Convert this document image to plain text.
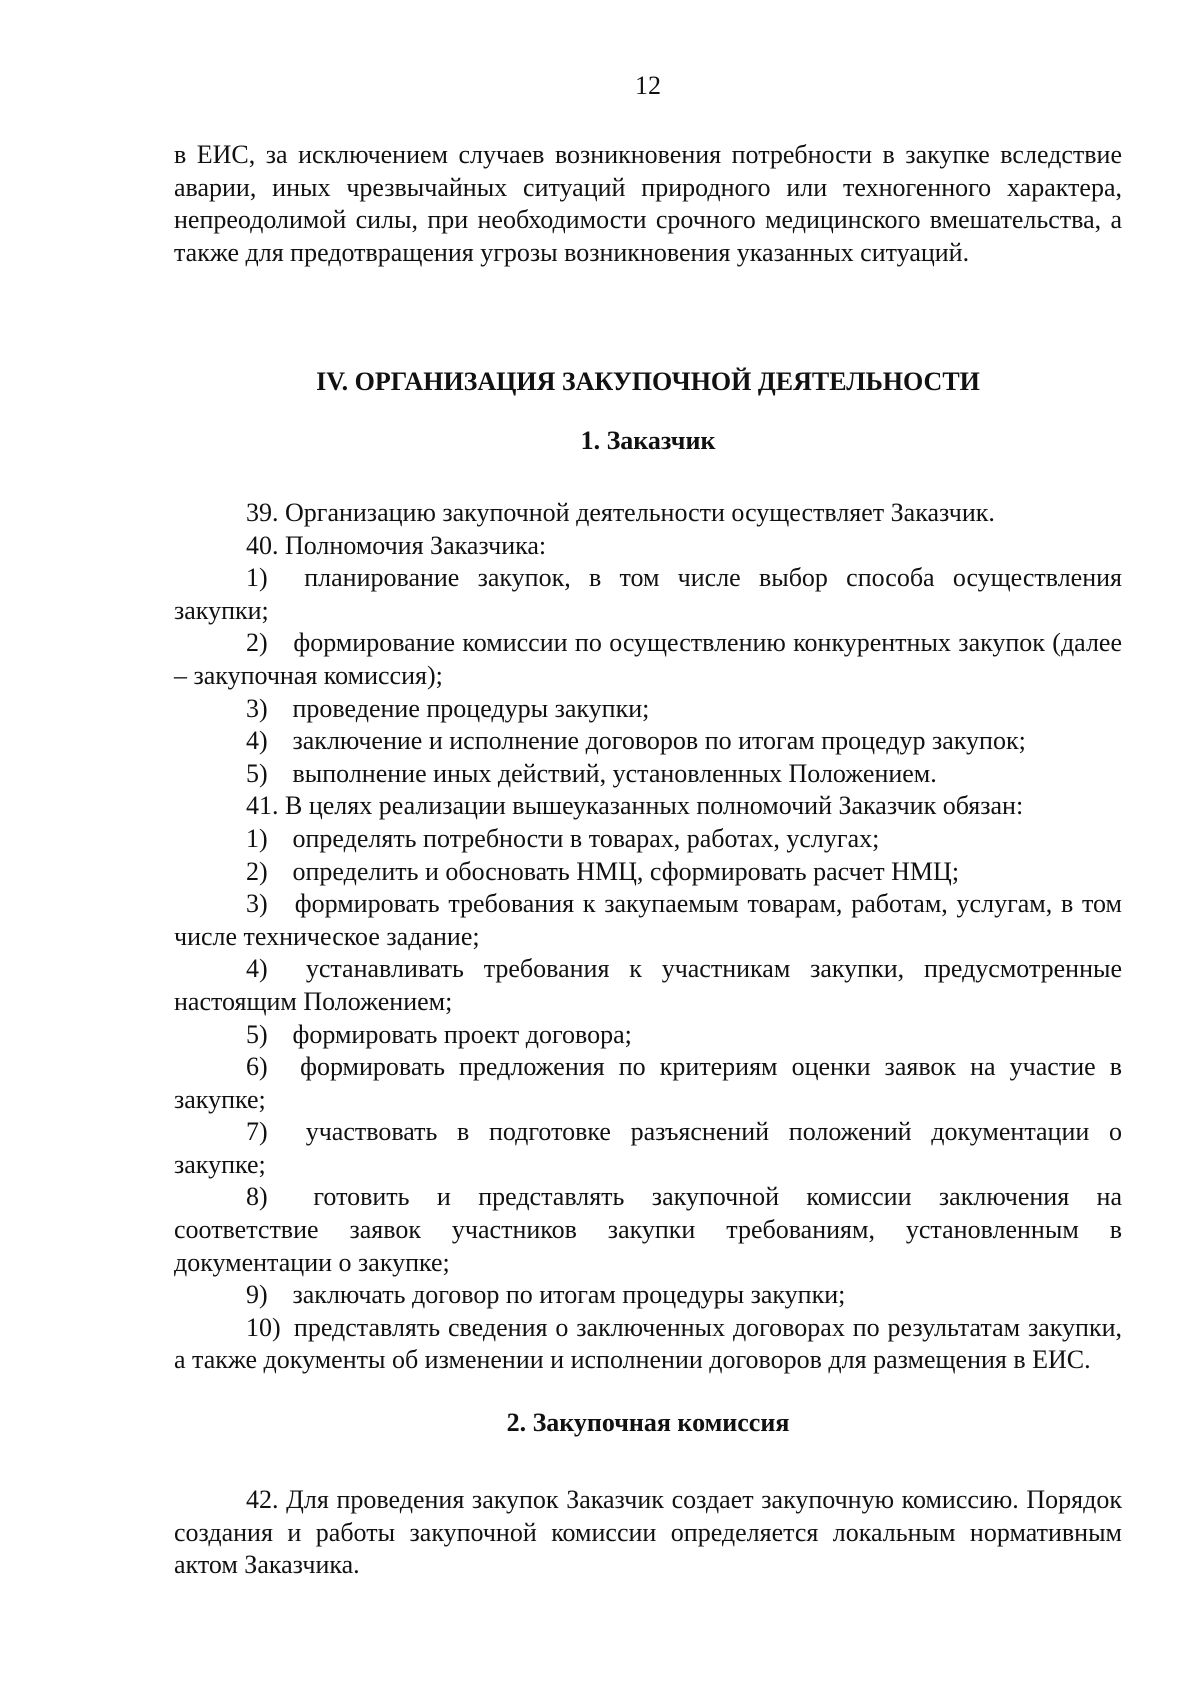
12

в ЕИС, за исключением случаев возникновения потребности в закупке вследствие аварии, иных чрезвычайных ситуаций природного или техногенного характера, непреодолимой силы, при необходимости срочного медицинского вмешательства, а также для предотвращения угрозы возникновения указанных ситуаций.

IV. ОРГАНИЗАЦИЯ ЗАКУПОЧНОЙ ДЕЯТЕЛЬНОСТИ
1. Заказчик

39. Организацию закупочной деятельности осуществляет Заказчик.

40. Полномочия Заказчика:

1) планирование закупок, в том числе выбор способа осуществления закупки;

2) формирование комиссии по осуществлению конкурентных закупок (далее – закупочная комиссия);

3) проведение процедуры закупки;

4) заключение и исполнение договоров по итогам процедур закупок;

5) выполнение иных действий, установленных Положением.

41. В целях реализации вышеуказанных полномочий Заказчик обязан:

1) определять потребности в товарах, работах, услугах;

2) определить и обосновать НМЦ, сформировать расчет НМЦ;

3) формировать требования к закупаемым товарам, работам, услугам, в том числе техническое задание;

4) устанавливать требования к участникам закупки, предусмотренные настоящим Положением;

5) формировать проект договора;

6) формировать предложения по критериям оценки заявок на участие в закупке;

7) участвовать в подготовке разъяснений положений документации о закупке;

8) готовить и представлять закупочной комиссии заключения на соответствие заявок участников закупки требованиям, установленным в документации о закупке;

9) заключать договор по итогам процедуры закупки;

10) представлять сведения о заключенных договорах по результатам закупки, а также документы об изменении и исполнении договоров для размещения в ЕИС.

2. Закупочная комиссия

42. Для проведения закупок Заказчик создает закупочную комиссию. Порядок создания и работы закупочной комиссии определяется локальным нормативным актом Заказчика.
